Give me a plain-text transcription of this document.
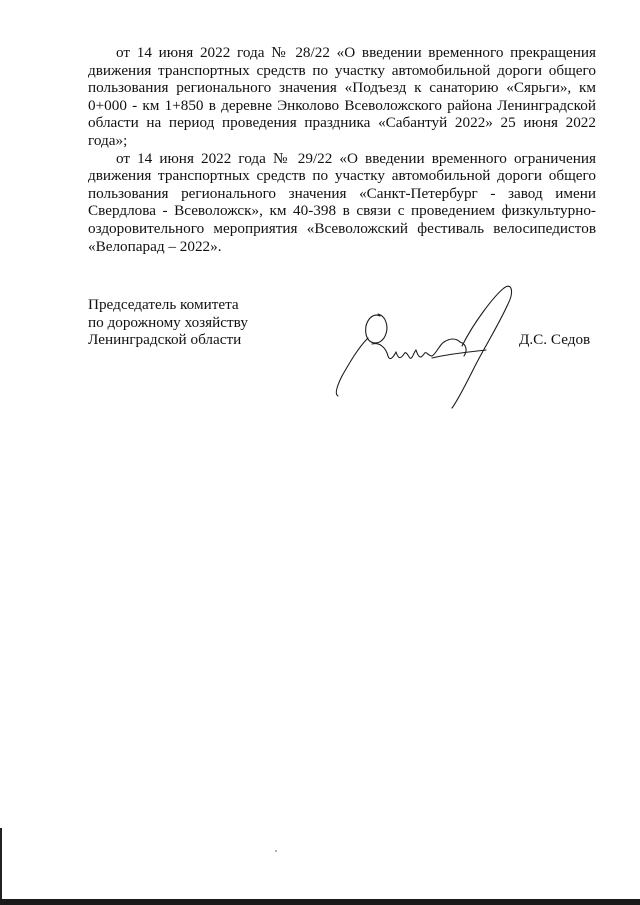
от 14 июня 2022 года № 28/22 «О введении временного прекращения движения транспортных средств по участку автомобильной дороги общего пользования регионального значения «Подъезд к санаторию «Сярьги», км 0+000 - км 1+850 в деревне Энколово Всеволожского района Ленинградской области на период проведения праздника «Сабантуй 2022» 25 июня 2022 года»;

от 14 июня 2022 года № 29/22 «О введении временного ограничения движения транспортных средств по участку автомобильной дороги общего пользования регионального значения «Санкт-Петербург - завод имени Свердлова - Всеволожск», км 40-398 в связи с проведением физкультурно-оздоровительного мероприятия «Всеволожский фестиваль велосипедистов «Велопарад – 2022».

Председатель комитета
по дорожному хозяйству
Ленинградской области	Д.С. Седов
